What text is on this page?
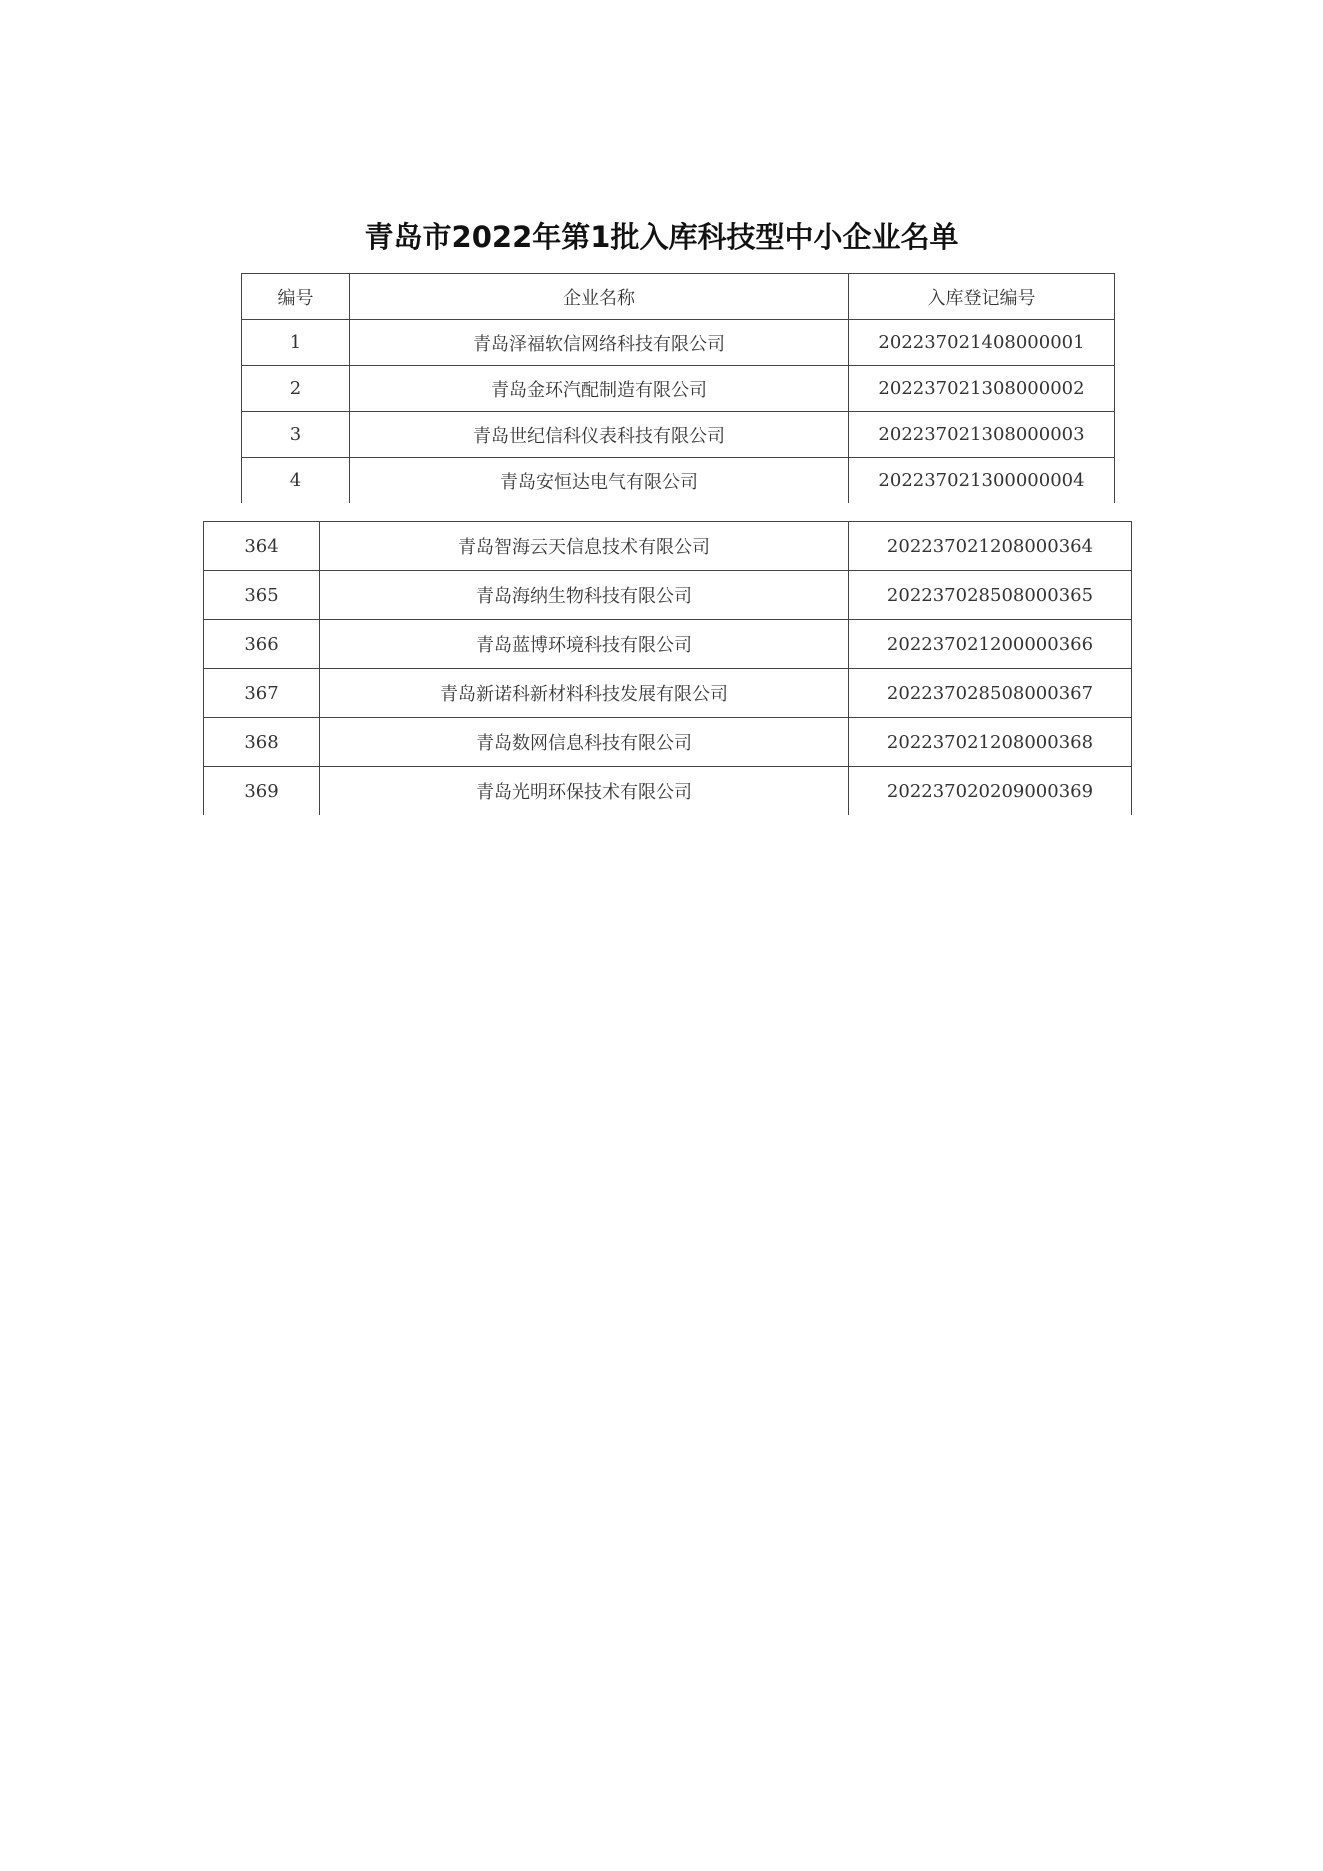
青岛市2022年第1批入库科技型中小企业名单
编号	企业名称	入库登记编号
1	青岛泽福软信网络科技有限公司	202237021408000001
2	青岛金环汽配制造有限公司	202237021308000002
3	青岛世纪信科仪表科技有限公司	202237021308000003
4	青岛安恒达电气有限公司	202237021300000004
364	青岛智海云天信息技术有限公司	202237021208000364
365	青岛海纳生物科技有限公司	202237028508000365
366	青岛蓝博环境科技有限公司	202237021200000366
367	青岛新诺科新材料科技发展有限公司	202237028508000367
368	青岛数网信息科技有限公司	202237021208000368
369	青岛光明环保技术有限公司	202237020209000369
